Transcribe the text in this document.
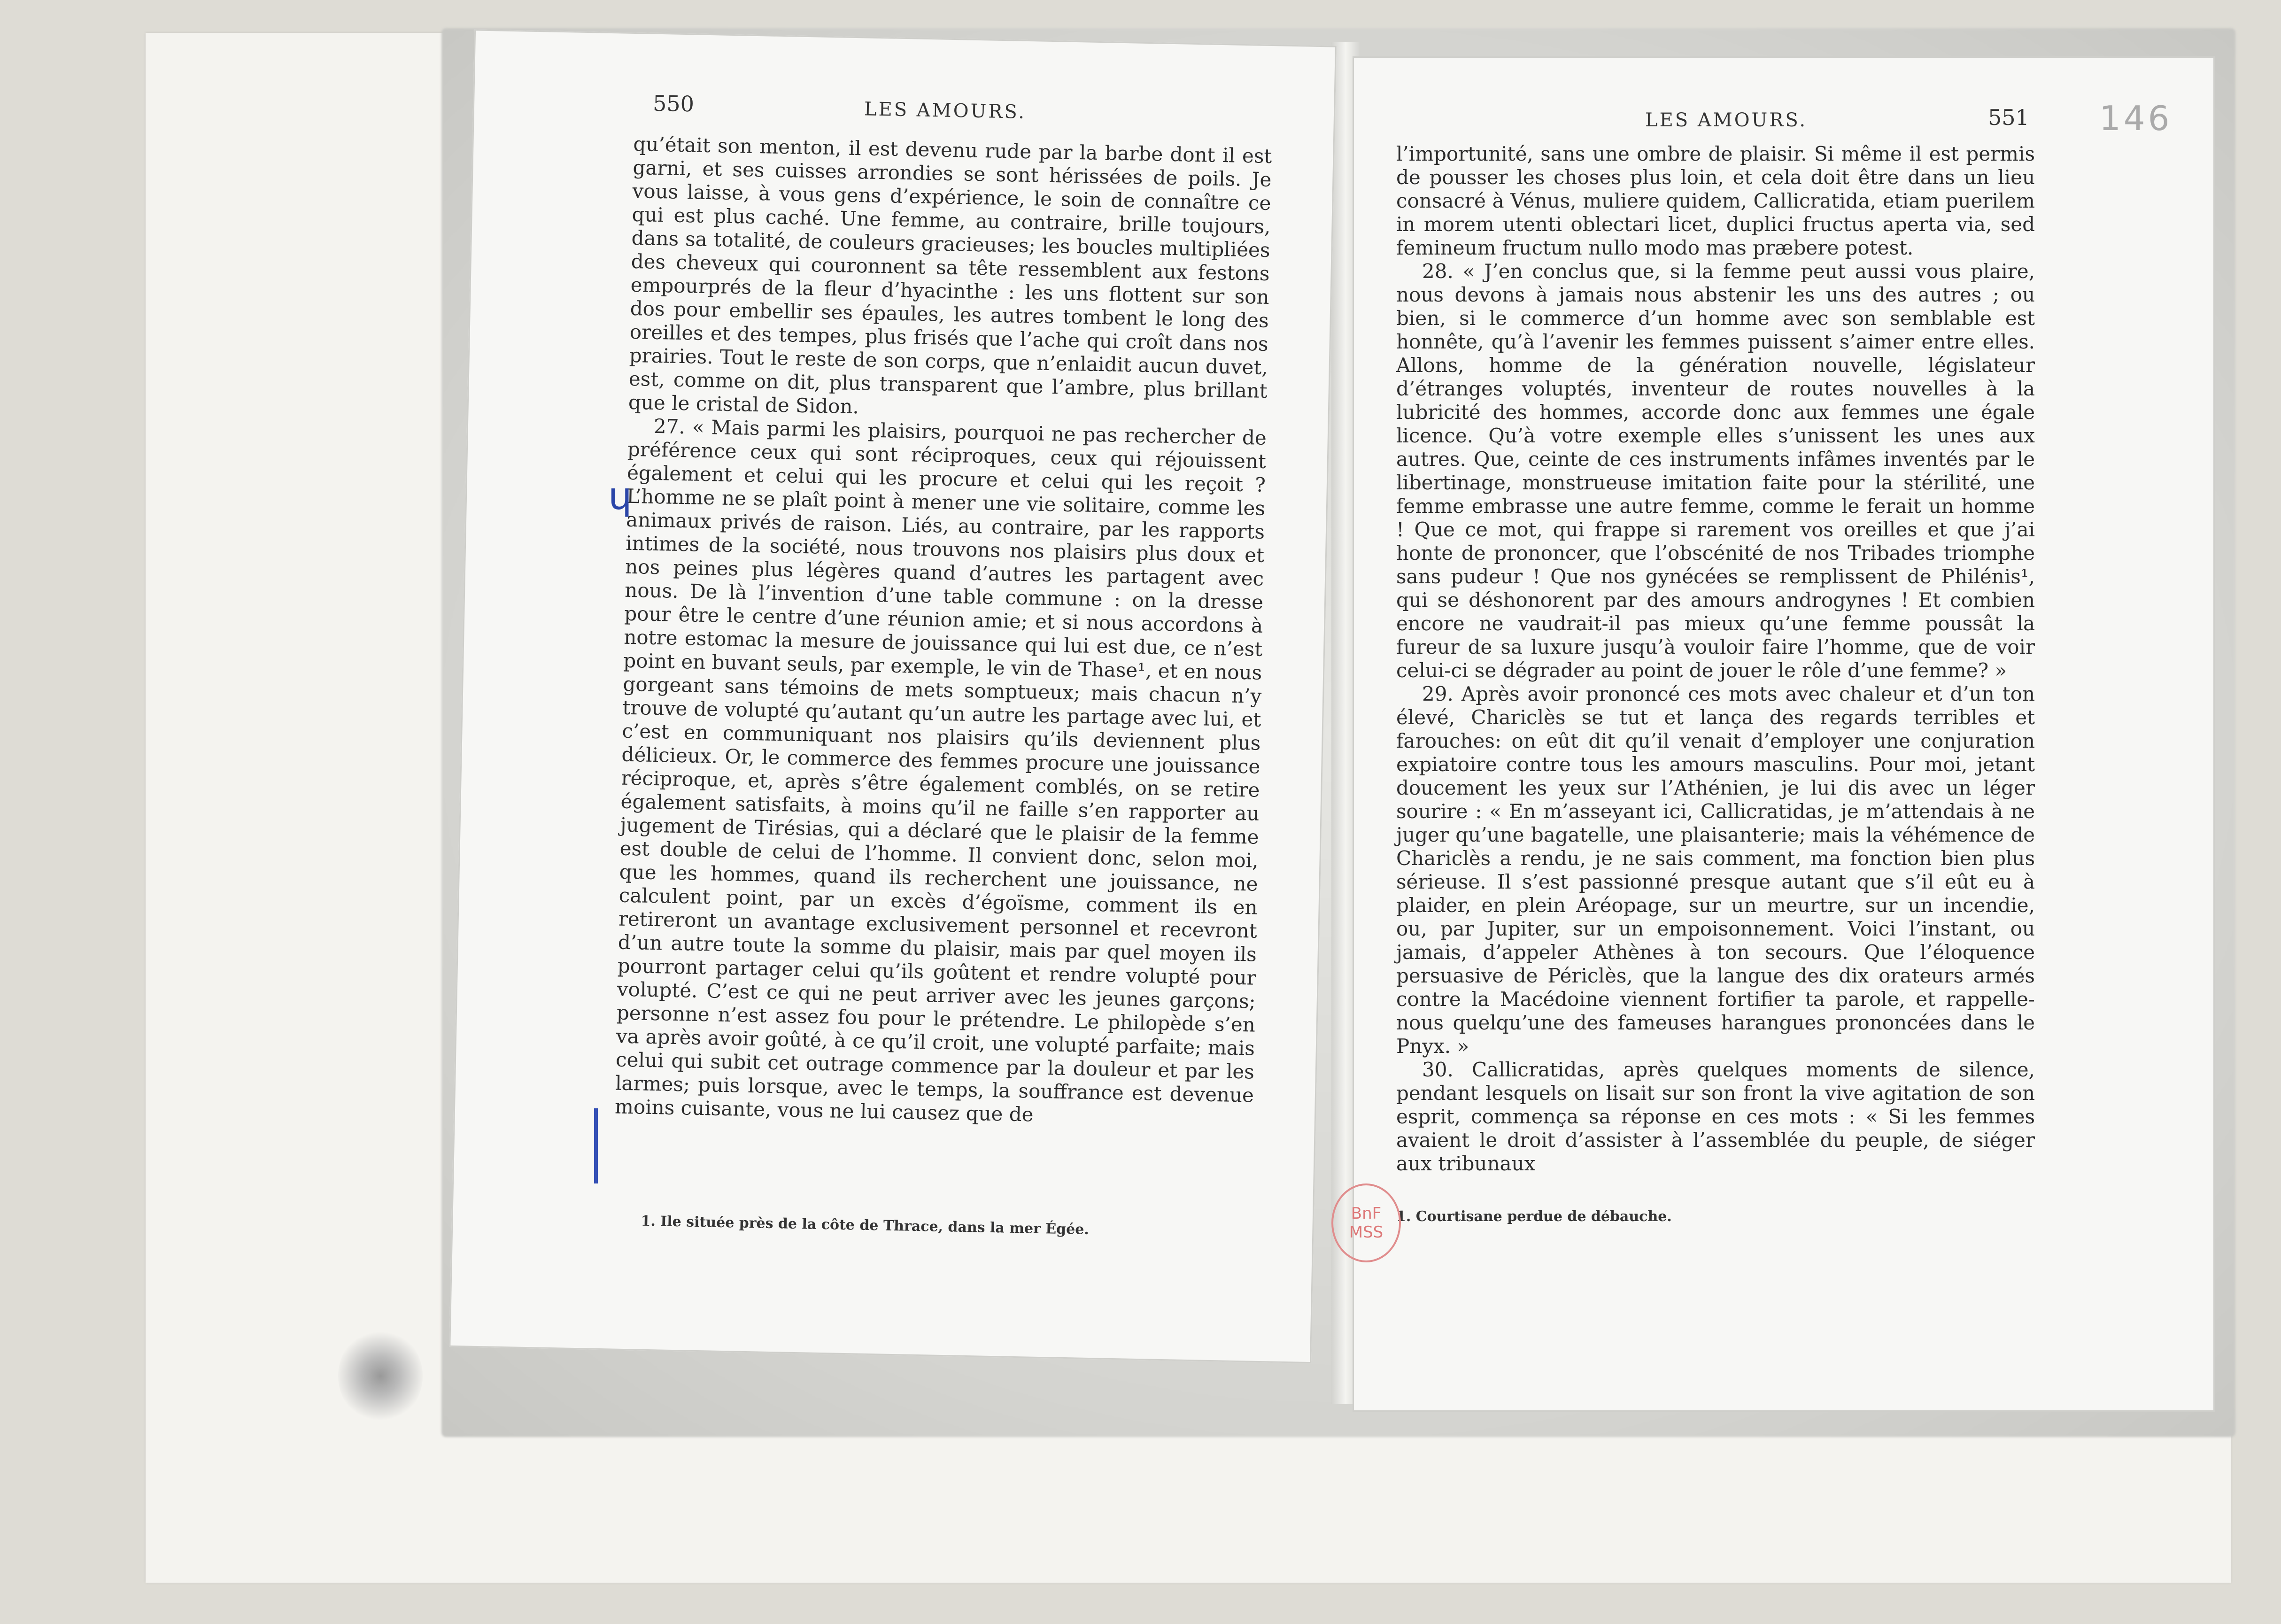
550	LES AMOURS.

qu’était son menton, il est devenu rude par la barbe dont il est garni, et ses cuisses arrondies se sont hérissées de poils. Je vous laisse, à vous gens d’expérience, le soin de connaître ce qui est plus caché. Une femme, au contraire, brille toujours, dans sa totalité, de couleurs gracieuses; les boucles multipliées des cheveux qui couronnent sa tête ressemblent aux festons empourprés de la fleur d’hyacinthe : les uns flottent sur son dos pour embellir ses épaules, les autres tombent le long des oreilles et des tempes, plus frisés que l’ache qui croît dans nos prairies. Tout le reste de son corps, que n’enlaidit aucun duvet, est, comme on dit, plus transparent que l’ambre, plus brillant que le cristal de Sidon.

27. « Mais parmi les plaisirs, pourquoi ne pas rechercher de préférence ceux qui sont réciproques, ceux qui réjouissent également et celui qui les procure et celui qui les reçoit ? L’homme ne se plaît point à mener une vie solitaire, comme les animaux privés de raison. Liés, au contraire, par les rapports intimes de la société, nous trouvons nos plaisirs plus doux et nos peines plus légères quand d’autres les partagent avec nous. De là l’invention d’une table commune : on la dresse pour être le centre d’une réunion amie; et si nous accordons à notre estomac la mesure de jouissance qui lui est due, ce n’est point en buvant seuls, par exemple, le vin de Thase¹, et en nous gorgeant sans témoins de mets somptueux; mais chacun n’y trouve de volupté qu’autant qu’un autre les partage avec lui, et c’est en communiquant nos plaisirs qu’ils deviennent plus délicieux. Or, le commerce des femmes procure une jouissance réciproque, et, après s’être également comblés, on se retire également satisfaits, à moins qu’il ne faille s’en rapporter au jugement de Tirésias, qui a déclaré que le plaisir de la femme est double de celui de l’homme. Il convient donc, selon moi, que les hommes, quand ils recherchent une jouissance, ne calculent point, par un excès d’égoïsme, comment ils en retireront un avantage exclusivement personnel et recevront d’un autre toute la somme du plaisir, mais par quel moyen ils pourront partager celui qu’ils goûtent et rendre volupté pour volupté. C’est ce qui ne peut arriver avec les jeunes garçons; personne n’est assez fou pour le prétendre. Le philopède s’en va après avoir goûté, à ce qu’il croit, une volupté parfaite; mais celui qui subit cet outrage commence par la douleur et par les larmes; puis lorsque, avec le temps, la souffrance est devenue moins cuisante, vous ne lui causez que de

1. Ile située près de la côte de Thrace, dans la mer Égée.
LES AMOURS.	551

l’importunité, sans une ombre de plaisir. Si même il est permis de pousser les choses plus loin, et cela doit être dans un lieu consacré à Vénus, muliere quidem, Callicratida, etiam puerilem in morem utenti oblectari licet, duplici fructus aperta via, sed femineum fructum nullo modo mas præbere potest.

28. « J’en conclus que, si la femme peut aussi vous plaire, nous devons à jamais nous abstenir les uns des autres ; ou bien, si le commerce d’un homme avec son semblable est honnête, qu’à l’avenir les femmes puissent s’aimer entre elles. Allons, homme de la génération nouvelle, législateur d’étranges voluptés, inventeur de routes nouvelles à la lubricité des hommes, accorde donc aux femmes une égale licence. Qu’à votre exemple elles s’unissent les unes aux autres. Que, ceinte de ces instruments infâmes inventés par le libertinage, monstrueuse imitation faite pour la stérilité, une femme embrasse une autre femme, comme le ferait un homme ! Que ce mot, qui frappe si rarement vos oreilles et que j’ai honte de prononcer, que l’obscénité de nos Tribades triomphe sans pudeur ! Que nos gynécées se remplissent de Philénis¹, qui se déshonorent par des amours androgynes ! Et combien encore ne vaudrait-il pas mieux qu’une femme poussât la fureur de sa luxure jusqu’à vouloir faire l’homme, que de voir celui-ci se dégrader au point de jouer le rôle d’une femme? »

29. Après avoir prononcé ces mots avec chaleur et d’un ton élevé, Chariclès se tut et lança des regards terribles et farouches: on eût dit qu’il venait d’employer une conjuration expiatoire contre tous les amours masculins. Pour moi, jetant doucement les yeux sur l’Athénien, je lui dis avec un léger sourire : « En m’asseyant ici, Callicratidas, je m’attendais à ne juger qu’une bagatelle, une plaisanterie; mais la véhémence de Chariclès a rendu, je ne sais comment, ma fonction bien plus sérieuse. Il s’est passionné presque autant que s’il eût eu à plaider, en plein Aréopage, sur un meurtre, sur un incendie, ou, par Jupiter, sur un empoisonnement. Voici l’instant, ou jamais, d’appeler Athènes à ton secours. Que l’éloquence persuasive de Périclès, que la langue des dix orateurs armés contre la Macédoine viennent fortifier ta parole, et rappelle-nous quelqu’une des fameuses harangues prononcées dans le Pnyx. »

30. Callicratidas, après quelques moments de silence, pendant lesquels on lisait sur son front la vive agitation de son esprit, commença sa réponse en ces mots : « Si les femmes avaient le droit d’assister à l’assemblée du peuple, de siéger aux tribunaux

1. Courtisane perdue de débauche.
146
BnF
MSS
ɥ
